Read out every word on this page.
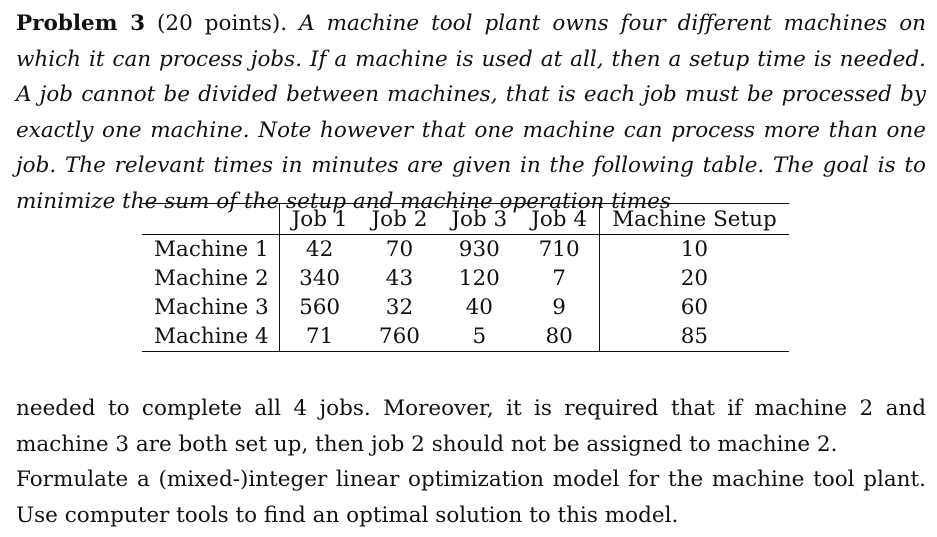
Problem 3 (20 points). A machine tool plant owns four different machines on which it can process jobs. If a machine is used at all, then a setup time is needed. A job cannot be divided between machines, that is each job must be processed by exactly one machine. Note however that one machine can process more than one job. The relevant times in minutes are given in the following table. The goal is to minimize the sum of the setup and machine operation times

	Job 1	Job 2	Job 3	Job 4	Machine Setup
Machine 1	42	70	930	710	10
Machine 2	340	43	120	7	20
Machine 3	560	32	40	9	60
Machine 4	71	760	5	80	85

needed to complete all 4 jobs. Moreover, it is required that if machine 2 and machine 3 are both set up, then job 2 should not be assigned to machine 2.

Formulate a (mixed-)integer linear optimization model for the machine tool plant. Use computer tools to find an optimal solution to this model.
